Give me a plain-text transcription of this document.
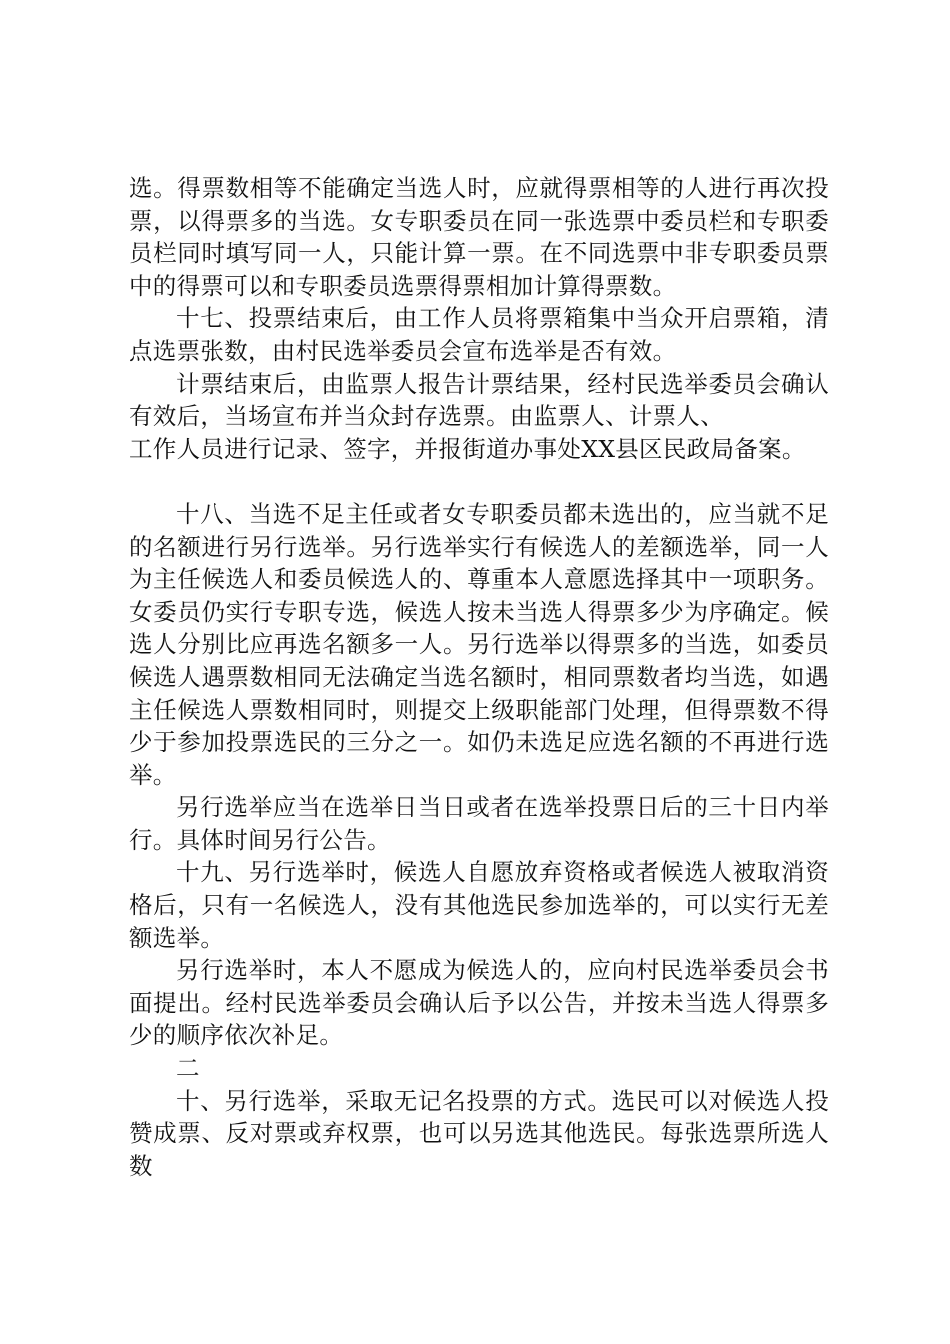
选。得票数相等不能确定当选人时，应就得票相等的人进行再次投票，以得票多的当选。女专职委员在同一张选票中委员栏和专职委员栏同时填写同一人，只能计算一票。在不同选票中非专职委员票中的得票可以和专职委员选票得票相加计算得票数。

十七、投票结束后，由工作人员将票箱集中当众开启票箱，清点选票张数，由村民选举委员会宣布选举是否有效。

计票结束后，由监票人报告计票结果，经村民选举委员会确认有效后，当场宣布并当众封存选票。由监票人、计票人、

工作人员进行记录、签字，并报街道办事处XX县区民政局备案。

十八、当选不足主任或者女专职委员都未选出的，应当就不足的名额进行另行选举。另行选举实行有候选人的差额选举，同一人为主任候选人和委员候选人的、尊重本人意愿选择其中一项职务。女委员仍实行专职专选，候选人按未当选人得票多少为序确定。候选人分别比应再选名额多一人。另行选举以得票多的当选，如委员候选人遇票数相同无法确定当选名额时，相同票数者均当选，如遇主任候选人票数相同时，则提交上级职能部门处理，但得票数不得少于参加投票选民的三分之一。如仍未选足应选名额的不再进行选举。

另行选举应当在选举日当日或者在选举投票日后的三十日内举行。具体时间另行公告。

十九、另行选举时，候选人自愿放弃资格或者候选人被取消资格后，只有一名候选人，没有其他选民参加选举的，可以实行无差额选举。

另行选举时，本人不愿成为候选人的，应向村民选举委员会书面提出。经村民选举委员会确认后予以公告，并按未当选人得票多少的顺序依次补足。

二

十、另行选举，采取无记名投票的方式。选民可以对候选人投赞成票、反对票或弃权票，也可以另选其他选民。每张选票所选人数
